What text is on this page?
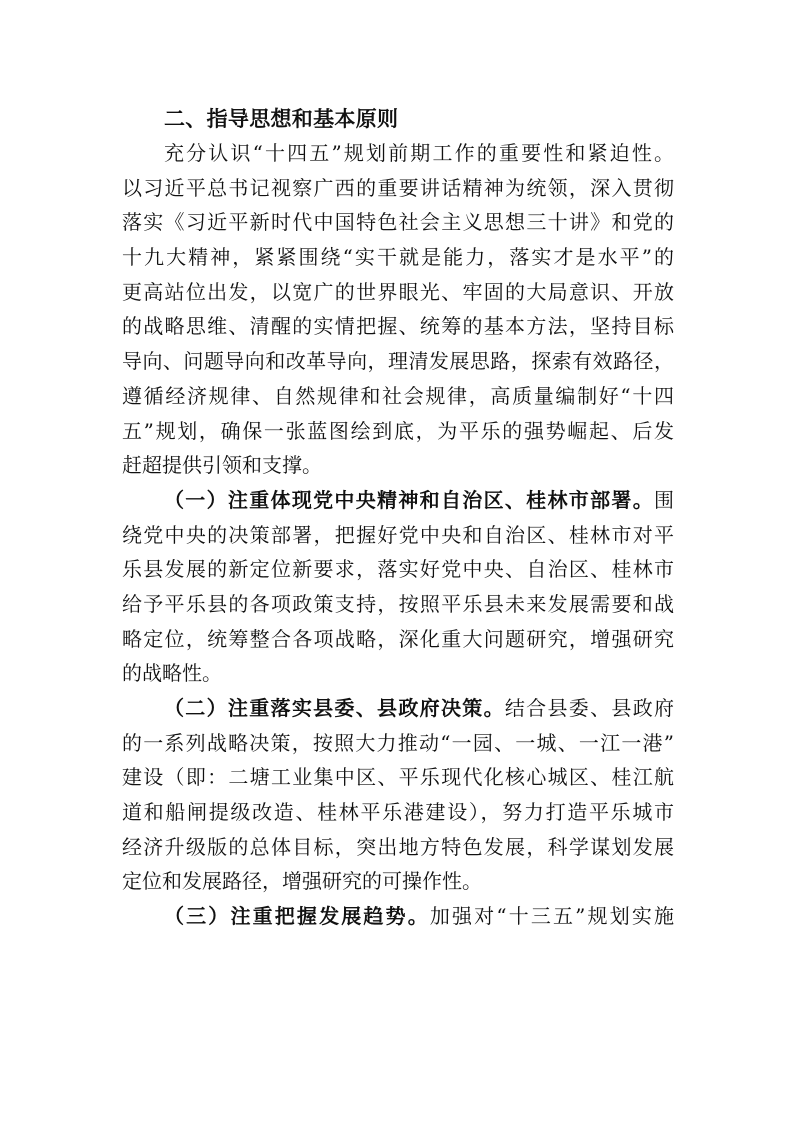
二、指导思想和基本原则

充分认识“十四五”规划前期工作的重要性和紧迫性。
以习近平总书记视察广西的重要讲话精神为统领，深入贯彻
落实《习近平新时代中国特色社会主义思想三十讲》和党的
十九大精神，紧紧围绕“实干就是能力，落实才是水平”的
更高站位出发，以宽广的世界眼光、牢固的大局意识、开放
的战略思维、清醒的实情把握、统筹的基本方法，坚持目标
导向、问题导向和改革导向，理清发展思路，探索有效路径，
遵循经济规律、自然规律和社会规律，高质量编制好“十四
五”规划，确保一张蓝图绘到底，为平乐的强势崛起、后发
赶超提供引领和支撑。

（一）注重体现党中央精神和自治区、桂林市部署。围
绕党中央的决策部署，把握好党中央和自治区、桂林市对平
乐县发展的新定位新要求，落实好党中央、自治区、桂林市
给予平乐县的各项政策支持，按照平乐县未来发展需要和战
略定位，统筹整合各项战略，深化重大问题研究，增强研究
的战略性。

（二）注重落实县委、县政府决策。结合县委、县政府
的一系列战略决策，按照大力推动“一园、一城、一江一港”
建设（即：二塘工业集中区、平乐现代化核心城区、桂江航
道和船闸提级改造、桂林平乐港建设），努力打造平乐城市
经济升级版的总体目标，突出地方特色发展，科学谋划发展
定位和发展路径，增强研究的可操作性。

（三）注重把握发展趋势。加强对“十三五”规划实施
